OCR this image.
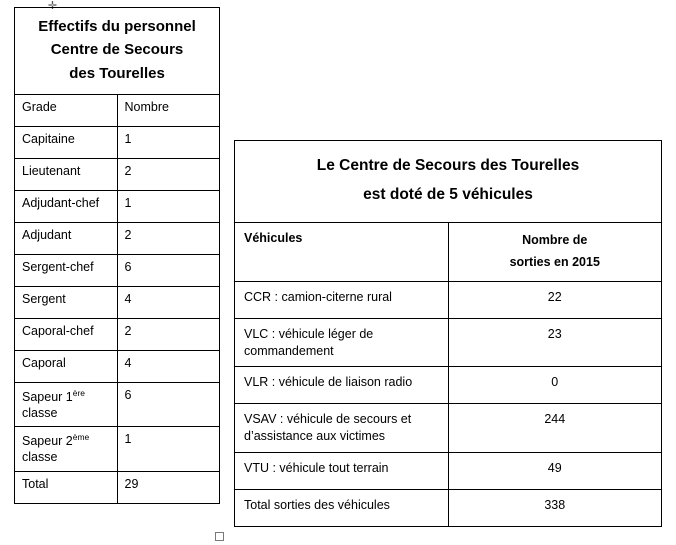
✛
Effectifs du personnel
Centre de Secours
des Tourelles	

Grade	Nombre
Capitaine	1
Lieutenant	2
Adjudant-chef	1
Adjudant	2
Sergent-chef	6
Sergent	4
Caporal-chef	2
Caporal	4
Sapeur 1ère classe	6
Sapeur 2ème classe	1
Total	29
Le Centre de Secours des Tourelles
est doté de 5 véhicules	

Véhicules	Nombre de
sorties en 2015

CCR : camion-citerne rural	22
VLC : véhicule léger de commandement	23
VLR : véhicule de liaison radio	0
VSAV : véhicule de secours et d’assistance aux victimes	244
VTU : véhicule tout terrain	49
Total sorties des véhicules	338
